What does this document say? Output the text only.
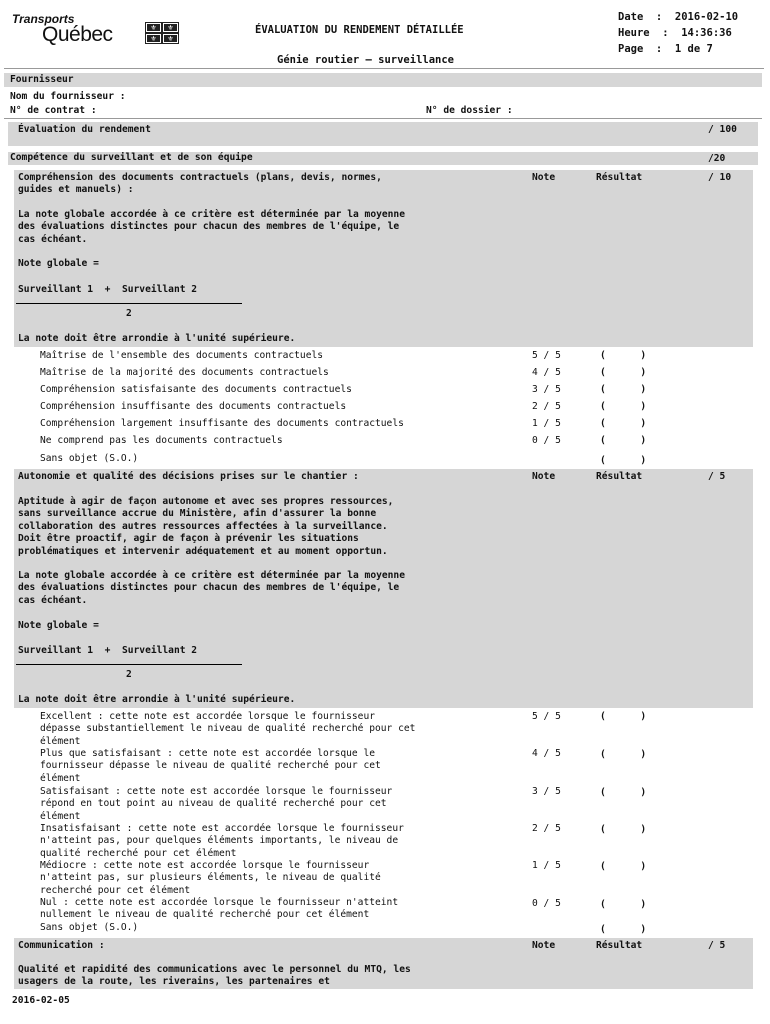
Transports
Québec	⚜	⚜
⚜	⚜
ÉVALUATION DU RENDEMENT DÉTAILLÉE
Génie routier – surveillance
Date  :  2016-02-10
Heure  :  14:36:36
Page  :  1 de 7
Fournisseur
Nom du fournisseur :
N° de contrat :	N° de dossier :
Évaluation du rendement	/ 100
Compétence du surveillant et de son équipe	/20
Compréhension des documents contractuels (plans, devis, normes,
guides et manuels) :
Note	Résultat	/ 10
La note globale accordée à ce critère est déterminée par la moyenne
des évaluations distinctes pour chacun des membres de l'équipe, le
cas échéant.
Note globale =
Surveillant 1  +  Surveillant 2
2
La note doit être arrondie à l'unité supérieure.
Maîtrise de l'ensemble des documents contractuels	5 / 5	(      )
Maîtrise de la majorité des documents contractuels	4 / 5	(      )
Compréhension satisfaisante des documents contractuels	3 / 5	(      )
Compréhension insuffisante des documents contractuels	2 / 5	(      )
Compréhension largement insuffisante des documents contractuels	1 / 5	(      )
Ne comprend pas les documents contractuels	0 / 5	(      )
Sans objet (S.O.)	(      )
Autonomie et qualité des décisions prises sur le chantier :	Note	Résultat	/ 5
Aptitude à agir de façon autonome et avec ses propres ressources,
sans surveillance accrue du Ministère, afin d'assurer la bonne
collaboration des autres ressources affectées à la surveillance.
Doit être proactif, agir de façon à prévenir les situations
problématiques et intervenir adéquatement et au moment opportun.
La note globale accordée à ce critère est déterminée par la moyenne
des évaluations distinctes pour chacun des membres de l'équipe, le
cas échéant.
Note globale =
Surveillant 1  +  Surveillant 2
2
La note doit être arrondie à l'unité supérieure.
Excellent : cette note est accordée lorsque le fournisseur
dépasse substantiellement le niveau de qualité recherché pour cet
élément
5 / 5	(      )
Plus que satisfaisant : cette note est accordée lorsque le
fournisseur dépasse le niveau de qualité recherché pour cet
élément
4 / 5	(      )
Satisfaisant : cette note est accordée lorsque le fournisseur
répond en tout point au niveau de qualité recherché pour cet
élément
3 / 5	(      )
Insatisfaisant : cette note est accordée lorsque le fournisseur
n'atteint pas, pour quelques éléments importants, le niveau de
qualité recherché pour cet élément
2 / 5	(      )
Médiocre : cette note est accordée lorsque le fournisseur
n'atteint pas, sur plusieurs éléments, le niveau de qualité
recherché pour cet élément
1 / 5	(      )
Nul : cette note est accordée lorsque le fournisseur n'atteint
nullement le niveau de qualité recherché pour cet élément
0 / 5	(      )
Sans objet (S.O.)	(      )
Communication :	Note	Résultat	/ 5
Qualité et rapidité des communications avec le personnel du MTQ, les
usagers de la route, les riverains, les partenaires et
2016-02-05
